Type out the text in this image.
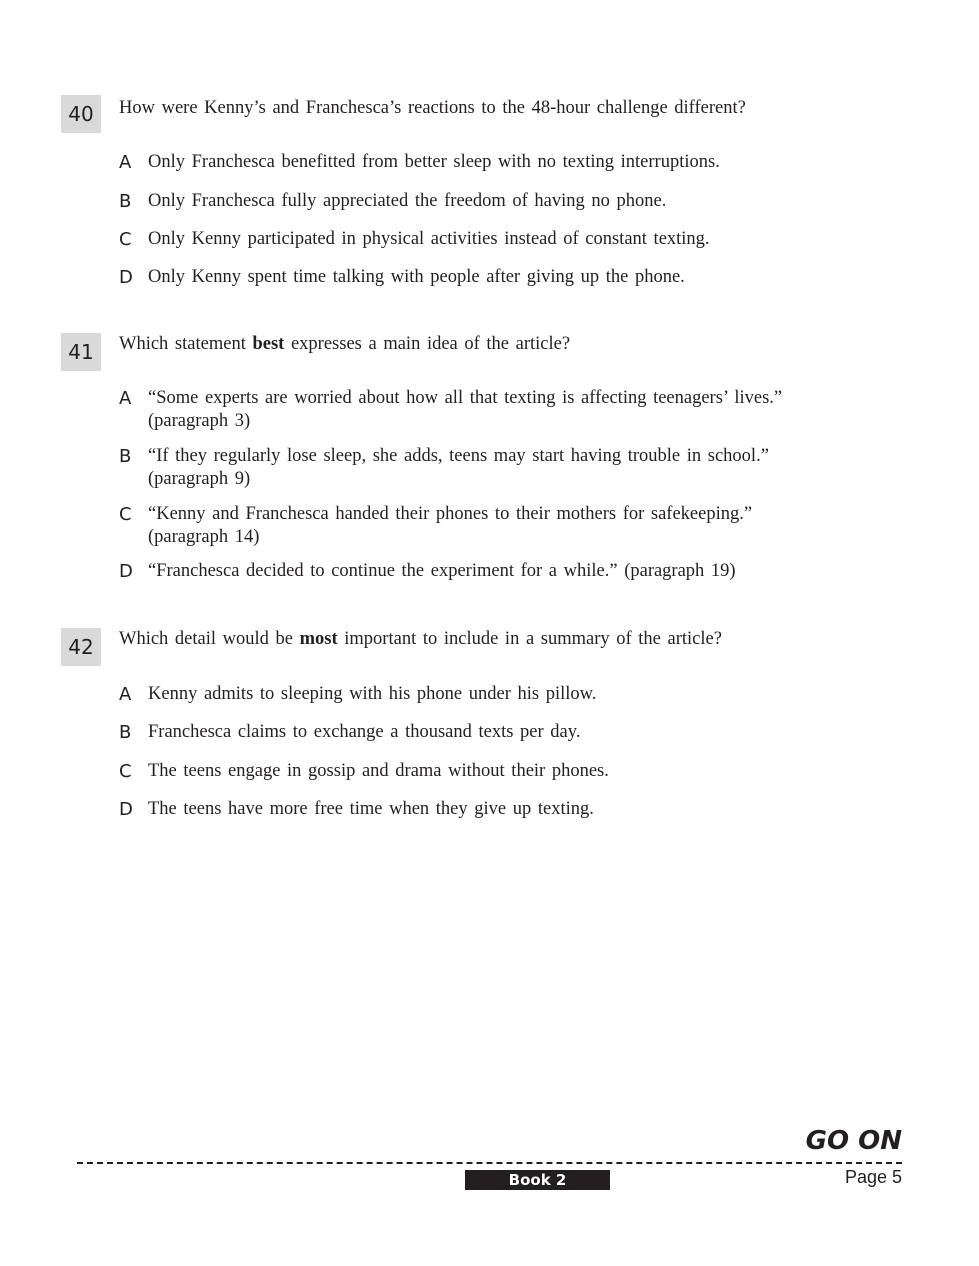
40	How were Kenny’s and Franchesca’s reactions to the 48-hour challenge different?
A Only Franchesca benefitted from better sleep with no texting interruptions.
B Only Franchesca fully appreciated the freedom of having no phone.
C Only Kenny participated in physical activities instead of constant texting.
D Only Kenny spent time talking with people after giving up the phone.
41	Which statement best expresses a main idea of the article?
A “Some experts are worried about how all that texting is affecting teenagers’ lives.”
(paragraph 3)
B “If they regularly lose sleep, she adds, teens may start having trouble in school.”
(paragraph 9)
C “Kenny and Franchesca handed their phones to their mothers for safekeeping.”
(paragraph 14)
D “Franchesca decided to continue the experiment for a while.” (paragraph 19)
42	Which detail would be most important to include in a summary of the article?
A Kenny admits to sleeping with his phone under his pillow.
B Franchesca claims to exchange a thousand texts per day.
C The teens engage in gossip and drama without their phones.
D The teens have more free time when they give up texting.
GO ON
Book 2	Page 5
